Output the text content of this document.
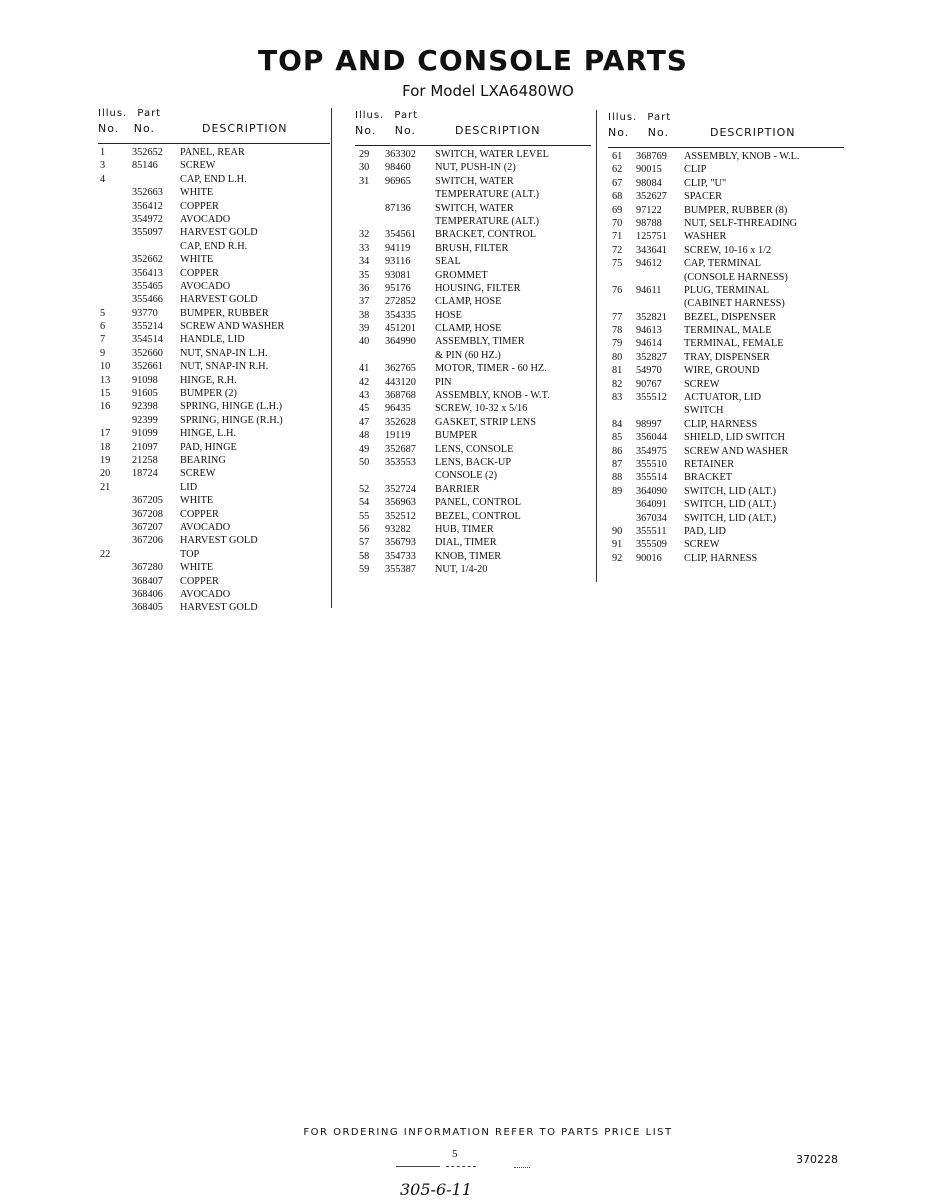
TOP AND CONSOLE PARTS
For Model LXA6480WO
Illus. Part
No. No.	DESCRIPTION
1	352652 PANEL, REAR
3	85146 SCREW
4	CAP, END L.H.
352663 WHITE
356412 COPPER
354972 AVOCADO
355097 HARVEST GOLD
CAP, END R.H.
352662 WHITE
356413 COPPER
355465 AVOCADO
355466 HARVEST GOLD
5	93770 BUMPER, RUBBER
6	355214 SCREW AND WASHER
7	354514 HANDLE, LID
9	352660 NUT, SNAP-IN L.H.
10 352661 NUT, SNAP-IN R.H.
13 91098 HINGE, R.H.
15 91605 BUMPER (2)
16 92398 SPRING, HINGE (L.H.)
92399 SPRING, HINGE (R.H.)
17 91099 HINGE, L.H.
18 21097 PAD, HINGE
19 21258 BEARING
20 18724 SCREW
21	LID
367205 WHITE
367208 COPPER
367207 AVOCADO
367206 HARVEST GOLD
22	TOP
367280 WHITE
368407 COPPER
368406 AVOCADO
368405 HARVEST GOLD
Illus. Part
No. No.	DESCRIPTION
29 363302 SWITCH, WATER LEVEL
30 98460 NUT, PUSH-IN (2)
31 96965 SWITCH, WATER
TEMPERATURE (ALT.)
87136 SWITCH, WATER
TEMPERATURE (ALT.)
32 354561 BRACKET, CONTROL
33 94119 BRUSH, FILTER
34 93116 SEAL
35 93081 GROMMET
36 95176 HOUSING, FILTER
37 272852 CLAMP, HOSE
38 354335 HOSE
39 451201 CLAMP, HOSE
40 364990 ASSEMBLY, TIMER
& PIN (60 HZ.)
41 362765 MOTOR, TIMER - 60 HZ.
42 443120 PIN
43 368768 ASSEMBLY, KNOB - W.T.
45 96435 SCREW, 10-32 x 5/16
47 352628 GASKET, STRIP LENS
48 19119 BUMPER
49 352687 LENS, CONSOLE
50 353553 LENS, BACK-UP
CONSOLE (2)
52 352724 BARRIER
54 356963 PANEL, CONTROL
55 352512 BEZEL, CONTROL
56 93282 HUB, TIMER
57 356793 DIAL, TIMER
58 354733 KNOB, TIMER
59 355387 NUT, 1/4-20
Illus. Part
No. No.	DESCRIPTION
61 368769 ASSEMBLY, KNOB - W.L.
62 90015 CLIP
67 98084 CLIP, "U"
68 352627 SPACER
69 97122 BUMPER, RUBBER (8)
70 98788 NUT, SELF-THREADING
71 125751 WASHER
72 343641 SCREW, 10-16 x 1/2
75 94612 CAP, TERMINAL
(CONSOLE HARNESS)
76 94611 PLUG, TERMINAL
(CABINET HARNESS)
77 352821 BEZEL, DISPENSER
78 94613 TERMINAL, MALE
79 94614 TERMINAL, FEMALE
80 352827 TRAY, DISPENSER
81 54970 WIRE, GROUND
82 90767 SCREW
83 355512 ACTUATOR, LID
SWITCH
84 98997 CLIP, HARNESS
85 356044 SHIELD, LID SWITCH
86 354975 SCREW AND WASHER
87 355510 RETAINER
88 355514 BRACKET
89 364090 SWITCH, LID (ALT.)
364091 SWITCH, LID (ALT.)
367034 SWITCH, LID (ALT.)
90 355511 PAD, LID
91 355509 SCREW
92 90016 CLIP, HARNESS
FOR ORDERING INFORMATION REFER TO PARTS PRICE LIST
5	370228
305-6-11
